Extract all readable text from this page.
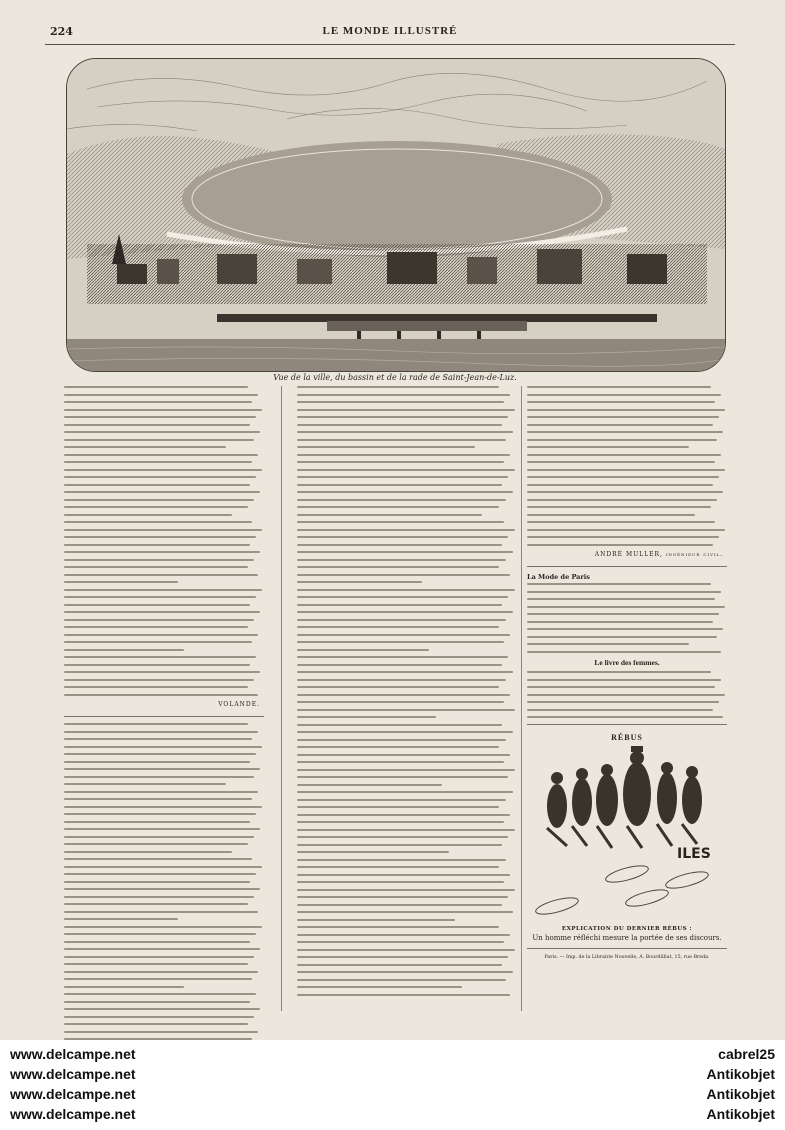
224	LE MONDE ILLUSTRÉ
Vue de la ville, du bassin et de la rade de Saint-Jean-de-Luz.
VOLANDE.
ANDRÉ MULLER, ingénieur civil.
La Mode de Paris
Le livre des femmes.
RÉBUS
ILES
EXPLICATION DU DERNIER RÉBUS :
Un homme réfléchi mesure la portée de ses discours.
Paris. — Imp. de la Librairie Nouvelle, A. Bourdilliat, 15, rue Breda.
www.delcampe.net
www.delcampe.net
www.delcampe.net
www.delcampe.net
cabrel25
Antikobjet
Antikobjet
Antikobjet
